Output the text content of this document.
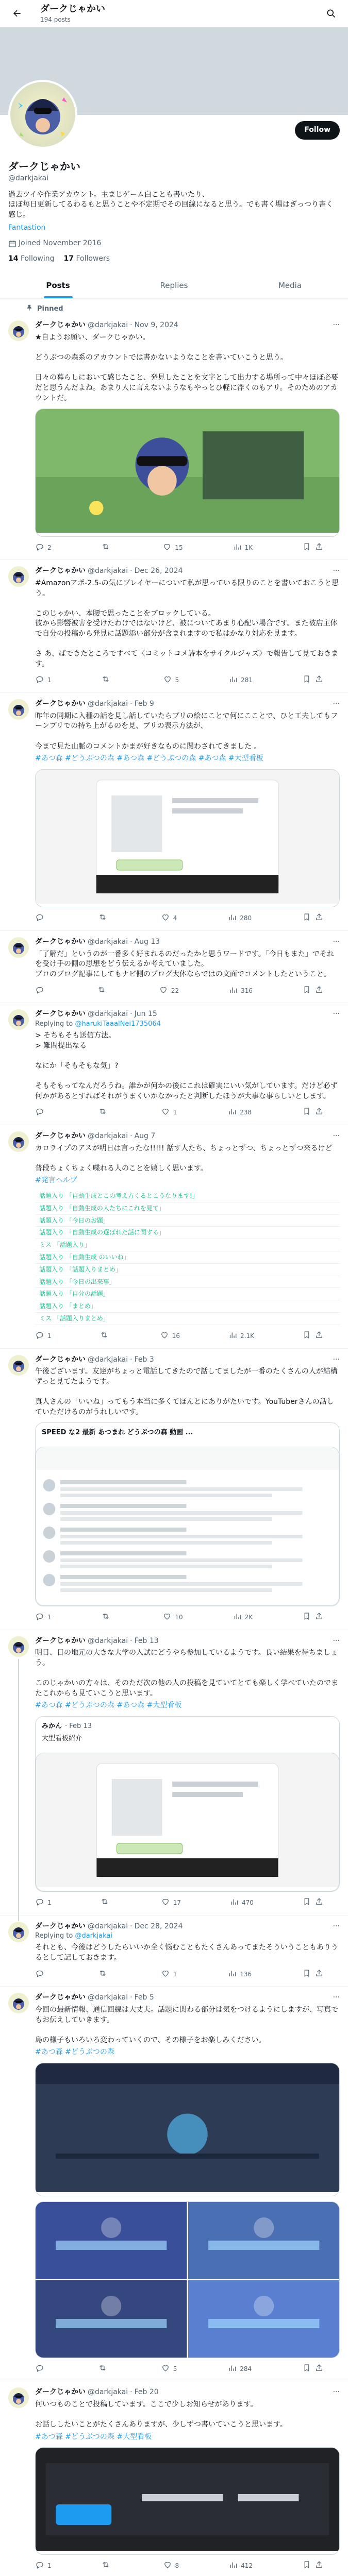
ダークじゃかい
194 posts
Follow
ダークじゃかい
@darkjakai
過去ツイや作業アカウント。主まじゲーム白ことも書いたり、
ほぼ毎日更新してるわるもと思うことや不定期でその回線になると思う。でも書く場はぎっつり書く感じ。
Fantastion
Joined November 2016
14 Following 17 Followers
Posts	Replies	Media
Pinned
ダークじゃかい @darkjakai · Nov 9, 2024	···
★自ようお願い、ダークじゃかい。

どうぶつの森系のアカウントでは書かないようなことを書いていこうと思う。

日々の暮らしにおいて感じたこと、発見したことを文字として出力する場所って中々ほぼ必要だと思うんだよね。あまり人に言えないようなもやっとひ軽に浮くのもアリ。そのためのアカウントだ。
2	15	1K
ダークじゃかい @darkjakai · Dec 26, 2024	···
#Amazonアポ-2.5-の気にブレイヤーについて私が思っている限りのことを書いておこうと思う。

このじゃかい、本腰で思ったことをブロックしている。
彼から影響被害を受けたわけではないけど、被についてあまり心配い場合です。また被店主体で自分の投稿から発見に話題添い部分が含まれますので私はかなり対応を見ます。

さ あ、ばできたところですべて〈コミットコメ詩本をサイクルジャズ〉で報告して見ておきます。
1	5	281
ダークじゃかい @darkjakai · Feb 9	···
昨年の同期に入種の話を見し話していたらブリの絵にことで何にこことで、ひと工夫してもフーンブリでの持ち上がるのを見、ブリの表示方法が、

今まで見た山脈のコメントかまが好きなものに関わされてきました 。
#あつ森 #どうぶつの森 #あつ森 #どうぶつの森 #あつ森 #大型看板
4	280
ダークじゃかい @darkjakai · Aug 13	···
「了解だ」というのが一番多く好まれるのだったかと思うワードです。「今日もまた」でそれを受け手の側の思想をどう伝えるか考えていました。
プロのブログ記事にしてもナビ側のブログ大体ならではの文面でコメントしたということ。
22	316
ダークじゃかい @darkjakai · Jun 15	···
Replying to @harukiTaaalNei1735064
> そちもそも送信方法。
> 難問提出なる

なにか「そもそもな気」?

そもそもってなんだろうね。誰かが何かの後にこれは確実にいい気がしています。だけど必ず何かがあるとすればそれがうまくいかなかったと判断したほうが大事な事らしいとします。
1	238
ダークじゃかい @darkjakai · Aug 7	···
カロライプのアスが明日は言ったな!!!!! 話す人たち、ちょっとずつ、ちょっとずつ来るけど

普段ちょくちょく喋れる人のことを嬉しく思います。
#発言ヘルプ
話題入り 「自動生成とこの考え方くるとこうなります!」
話題入り 「自動生成の人たちにこれを見て」
話題入り 「今日のお題」
話題入り 「自動生成の選ばれた話に関する」
ミス 「話題入り」
話題入り 「自動生成 のいいね」
話題入り 「話題入りまとめ」
話題入り 「今日の出来事」
話題入り 「自分の話題」
話題入り 「まとめ」
ミス 「話題入りまとめ」
1	16	2.1K
ダークじゃかい @darkjakai · Feb 3	···
午後ございます。友達がちょっと電話してきたので話してましたが一番のたくさんの人が結構ずっと見てたようです。

真人さんの「いいね」ってもう本当に多くてほんとにありがたいです。YouTuberさんの話していただけるのがうれしいです。
SPEED な2 最新 あつまれ どうぶつの森 動画 ...
1	10	2K
ダークじゃかい @darkjakai · Feb 13	···
明日、日の地元の大きな大学の入試にどうやら参加しているようです。良い結果を待ちましょう。

このじゃかいの方々は、そのただ次の他の人の投稿を見ていてとても楽しく学べていたのでまたこれからも見ていこうと思います。
#あつ森 #どうぶつの森 #あつ森 #大型看板
みかん · Feb 13
大型看板紹介
1	17	470
ダークじゃかい @darkjakai · Dec 28, 2024	···
Replying to @darkjakai
それとも、今後はどうしたらいいか全く悩むこともたくさんあってまたそういうこともありうるとして記しておきます。
1	136
ダークじゃかい @darkjakai · Feb 5	···
今回の最新情報、通信回線は大丈夫。話題に関わる部分は気をつけるようにしますが、写真でもお伝えしていきます。

島の様子もいろいろ変わっていくので、その様子をお楽しみください。
#あつ森 #どうぶつの森
5	284
ダークじゃかい @darkjakai · Feb 20	···
何いつものことで投稿しています。ここで少しお知らせがあります。

お話ししたいことがたくさんありますが、少しずつ書いていこうと思います。
#あつ森 #どうぶつの森 #大型看板
1	8	412
